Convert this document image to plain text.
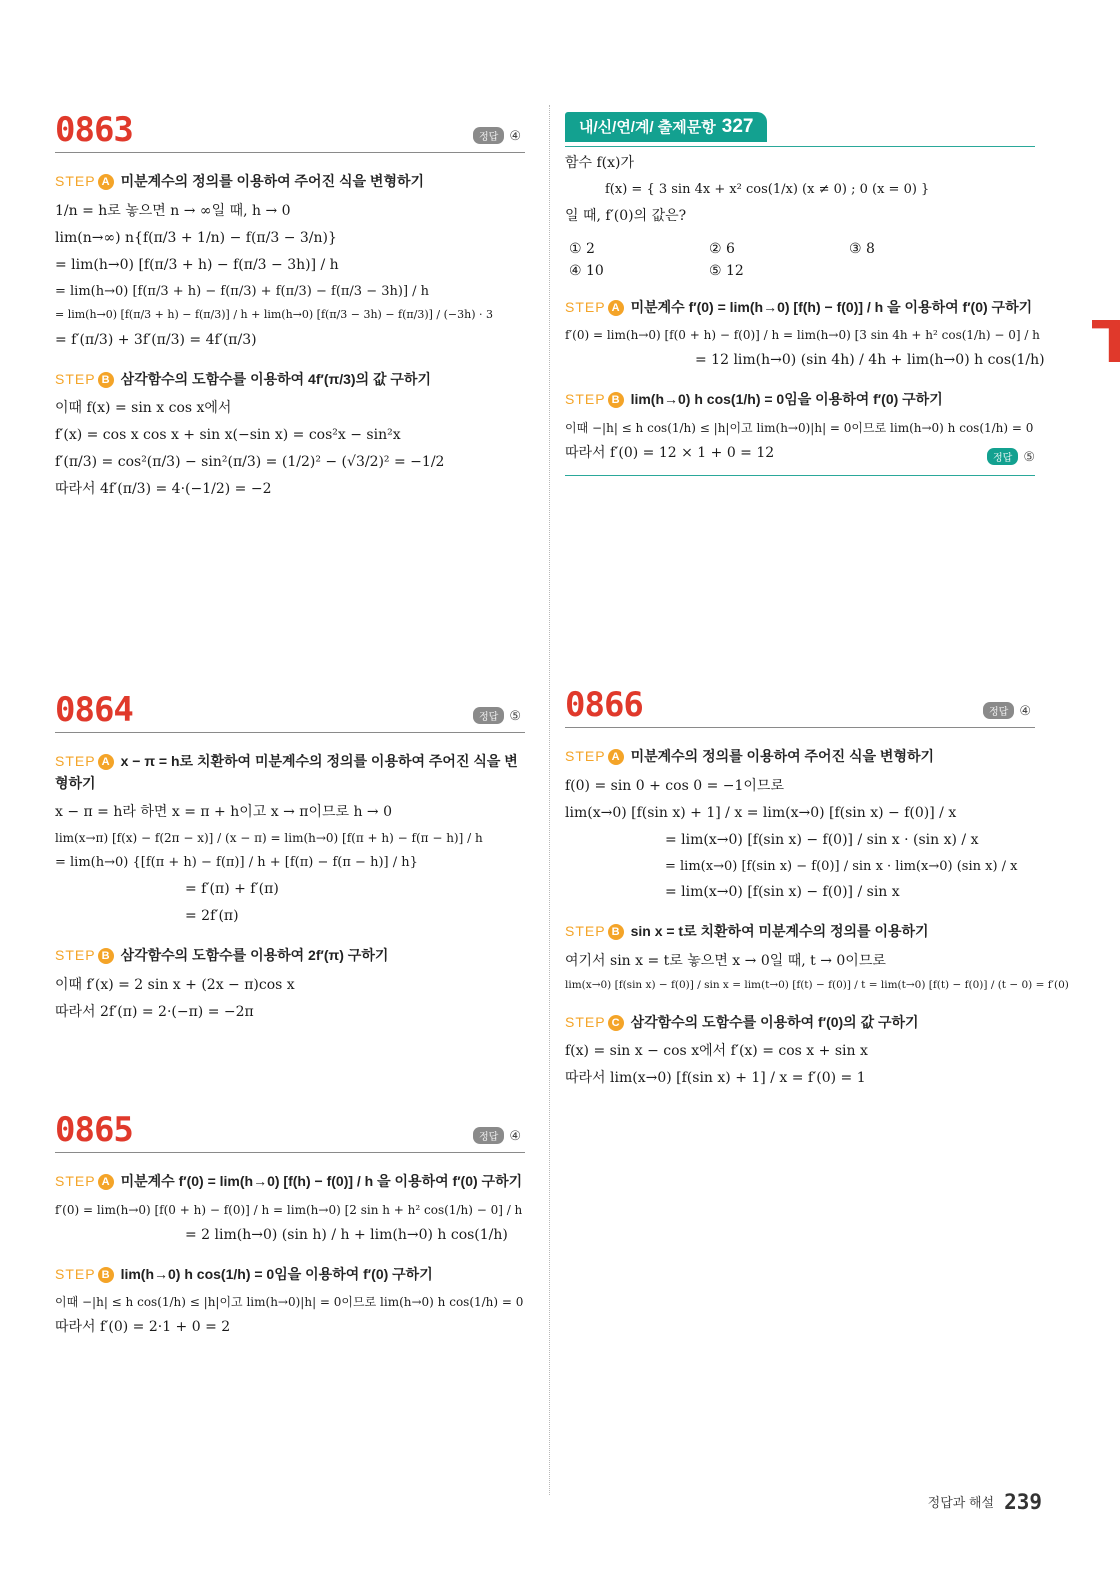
0863	정답 ④
STEP A 미분계수의 정의를 이용하여 주어진 식을 변형하기
1/n = h로 놓으면 n → ∞일 때, h → 0
lim(n→∞) n{f(π/3 + 1/n) − f(π/3 − 3/n)}
= lim(h→0) [f(π/3 + h) − f(π/3 − 3h)] / h
= lim(h→0) [f(π/3 + h) − f(π/3) + f(π/3) − f(π/3 − 3h)] / h
= lim(h→0) [f(π/3 + h) − f(π/3)] / h + lim(h→0) [f(π/3 − 3h) − f(π/3)] / (−3h) · 3
= f′(π/3) + 3f′(π/3) = 4f′(π/3)
STEP B 삼각함수의 도함수를 이용하여 4f′(π/3)의 값 구하기
이때 f(x) = sin x cos x에서
f′(x) = cos x cos x + sin x(−sin x) = cos²x − sin²x
f′(π/3) = cos²(π/3) − sin²(π/3) = (1/2)² − (√3/2)² = −1/2
따라서 4f′(π/3) = 4·(−1/2) = −2
0864	정답 ⑤
STEP A x − π = h로 치환하여 미분계수의 정의를 이용하여 주어진 식을 변형하기
x − π = h라 하면 x = π + h이고 x → π이므로 h → 0
lim(x→π) [f(x) − f(2π − x)] / (x − π) = lim(h→0) [f(π + h) − f(π − h)] / h
= lim(h→0) {[f(π + h) − f(π)] / h + [f(π) − f(π − h)] / h}
= f′(π) + f′(π)
= 2f′(π)
STEP B 삼각함수의 도함수를 이용하여 2f′(π) 구하기
이때 f′(x) = 2 sin x + (2x − π)cos x
따라서 2f′(π) = 2·(−π) = −2π
0865	정답 ④
STEP A 미분계수 f′(0) = lim(h→0) [f(h) − f(0)] / h 을 이용하여 f′(0) 구하기
f′(0) = lim(h→0) [f(0 + h) − f(0)] / h = lim(h→0) [2 sin h + h² cos(1/h) − 0] / h
= 2 lim(h→0) (sin h) / h + lim(h→0) h cos(1/h)
STEP B lim(h→0) h cos(1/h) = 0임을 이용하여 f′(0) 구하기
이때 −|h| ≤ h cos(1/h) ≤ |h|이고 lim(h→0)|h| = 0이므로 lim(h→0) h cos(1/h) = 0
따라서 f′(0) = 2·1 + 0 = 2
내/신/연/계/ 출제문항 327
함수 f(x)가
f(x) = { 3 sin 4x + x² cos(1/x) (x ≠ 0) ; 0 (x = 0) }
일 때, f′(0)의 값은?
① 2	② 6	③ 8
④ 10	⑤ 12
STEP A 미분계수 f′(0) = lim(h→0) [f(h) − f(0)] / h 을 이용하여 f′(0) 구하기
f′(0) = lim(h→0) [f(0 + h) − f(0)] / h = lim(h→0) [3 sin 4h + h² cos(1/h) − 0] / h
= 12 lim(h→0) (sin 4h) / 4h + lim(h→0) h cos(1/h)
STEP B lim(h→0) h cos(1/h) = 0임을 이용하여 f′(0) 구하기
이때 −|h| ≤ h cos(1/h) ≤ |h|이고 lim(h→0)|h| = 0이므로 lim(h→0) h cos(1/h) = 0
따라서 f′(0) = 12 × 1 + 0 = 12	정답 ⑤
0866	정답 ④
STEP A 미분계수의 정의를 이용하여 주어진 식을 변형하기
f(0) = sin 0 + cos 0 = −1이므로
lim(x→0) [f(sin x) + 1] / x = lim(x→0) [f(sin x) − f(0)] / x
= lim(x→0) [f(sin x) − f(0)] / sin x · (sin x) / x
= lim(x→0) [f(sin x) − f(0)] / sin x · lim(x→0) (sin x) / x
= lim(x→0) [f(sin x) − f(0)] / sin x
STEP B sin x = t로 치환하여 미분계수의 정의를 이용하기
여기서 sin x = t로 놓으면 x → 0일 때, t → 0이므로
lim(x→0) [f(sin x) − f(0)] / sin x = lim(t→0) [f(t) − f(0)] / t = lim(t→0) [f(t) − f(0)] / (t − 0) = f′(0)
STEP C 삼각함수의 도함수를 이용하여 f′(0)의 값 구하기
f(x) = sin x − cos x에서 f′(x) = cos x + sin x
따라서 lim(x→0) [f(sin x) + 1] / x = f′(0) = 1
정답과 해설 239
